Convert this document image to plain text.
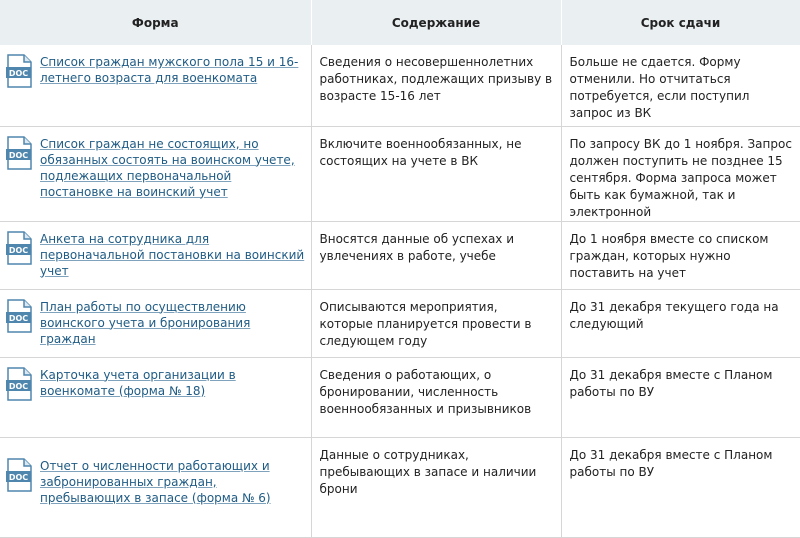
Форма	Содержание	Срок сдачи

DOC
Список граждан мужского пола 15 и 16-летнего возраста для военкомата	Сведения о несовершеннолетних работниках, подлежащих призыву в возрасте 15-16 лет	Больше не сдается. Форму отменили. Но отчитаться потребуется, если поступил запрос из ВК

DOC
Список граждан не состоящих, но обязанных состоять на воинском учете, подлежащих первоначальной постановке на воинский учет	Включите военнообязанных, не состоящих на учете в ВК	По запросу ВК до 1 ноября. Запрос должен поступить не позднее 15 сентября. Форма запроса может быть как бумажной, так и электронной

DOC
Анкета на сотрудника для первоначальной постановки на воинский учет	Вносятся данные об успехах и увлечениях в работе, учебе	До 1 ноября вместе со списком граждан, которых нужно поставить на учет

DOC
План работы по осуществлению воинского учета и бронирования граждан	Описываются мероприятия, которые планируется провести в следующем году	До 31 декабря текущего года на следующий

DOC
Карточка учета организации в военкомате (форма № 18)	Сведения о работающих, о бронировании, численность военнообязанных и призывников	До 31 декабря вместе с Планом работы по ВУ

DOC
Отчет о численности работающих и забронированных граждан, пребывающих в запасе (форма № 6)	Данные о сотрудниках, пребывающих в запасе и наличии брони	До 31 декабря вместе с Планом работы по ВУ
